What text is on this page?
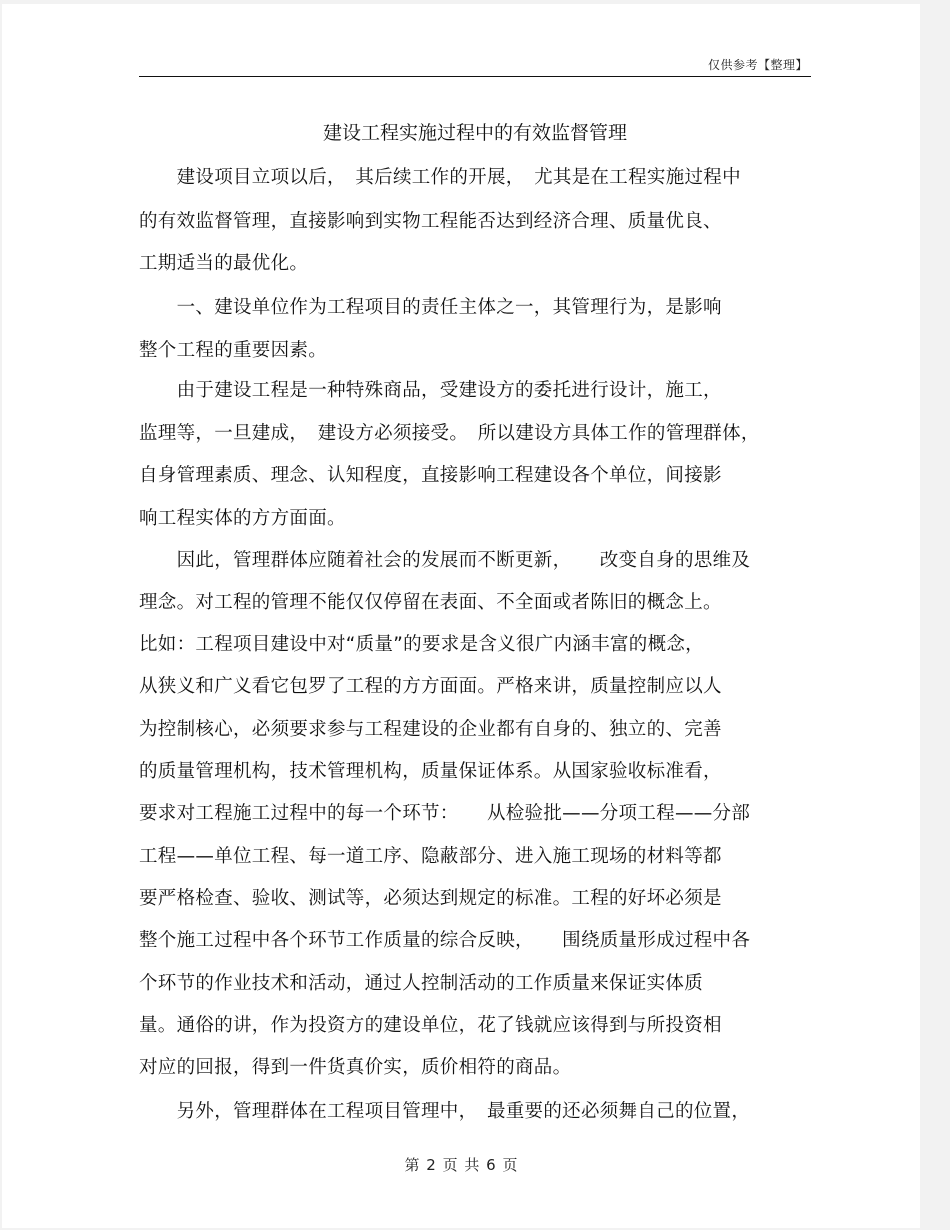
仅供参考【整理】
建设工程实施过程中的有效监督管理
　　建设项目立项以后，　其后续工作的开展，　尤其是在工程实施过程中
的有效监督管理，直接影响到实物工程能否达到经济合理、质量优良、
工期适当的最优化。
　　一、建设单位作为工程项目的责任主体之一，其管理行为，是影响
整个工程的重要因素。
　　由于建设工程是一种特殊商品，受建设方的委托进行设计，施工，
监理等，一旦建成，　建设方必须接受。　所以建设方具体工作的管理群体，
自身管理素质、理念、认知程度，直接影响工程建设各个单位，间接影
响工程实体的方方面面。
　　因此，管理群体应随着社会的发展而不断更新，　　改变自身的思维及
理念。对工程的管理不能仅仅停留在表面、不全面或者陈旧的概念上。
比如：工程项目建设中对“质量”的要求是含义很广内涵丰富的概念，
从狭义和广义看它包罗了工程的方方面面。严格来讲，质量控制应以人
为控制核心，必须要求参与工程建设的企业都有自身的、独立的、完善
的质量管理机构，技术管理机构，质量保证体系。从国家验收标准看，
要求对工程施工过程中的每一个环节：　　从检验批——分项工程——分部
工程——单位工程、每一道工序、隐蔽部分、进入施工现场的材料等都
要严格检查、验收、测试等，必须达到规定的标准。工程的好坏必须是
整个施工过程中各个环节工作质量的综合反映，　　围绕质量形成过程中各
个环节的作业技术和活动，通过人控制活动的工作质量来保证实体质
量。通俗的讲，作为投资方的建设单位，花了钱就应该得到与所投资相
对应的回报，得到一件货真价实，质价相符的商品。
　　另外，管理群体在工程项目管理中，　最重要的还必须舞自己的位置，
第 2 页 共 6 页
